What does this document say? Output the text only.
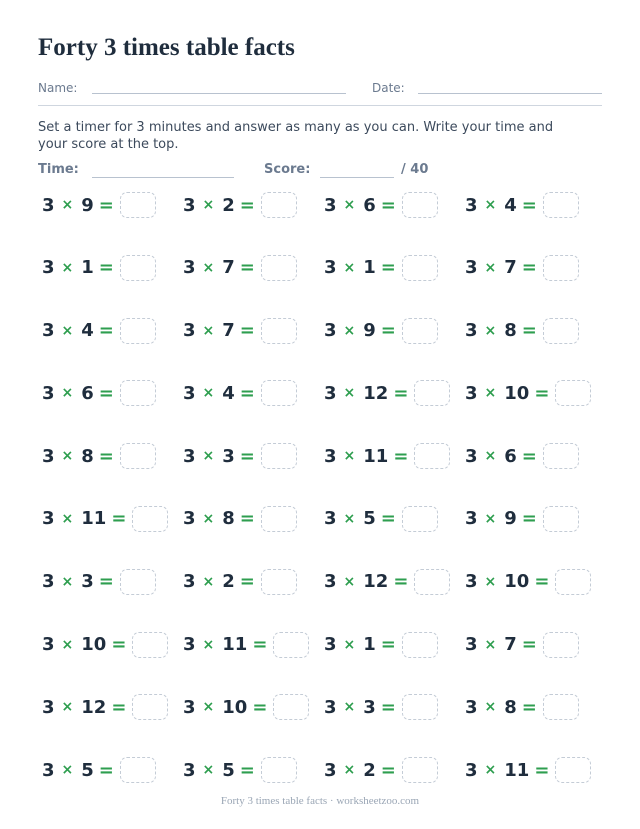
Forty 3 times table facts
Name:	Date:
Set a timer for 3 minutes and answer as many as you can. Write your time and your score at the top.
Time:	Score:	/ 40
3 × 9 =	3 × 2 =	3 × 6 =	3 × 4 =
3 × 1 =	3 × 7 =	3 × 1 =	3 × 7 =
3 × 4 =	3 × 7 =	3 × 9 =	3 × 8 =
3 × 6 =	3 × 4 =	3 × 12 =	3 × 10 =
3 × 8 =	3 × 3 =	3 × 11 =	3 × 6 =
3 × 11 =	3 × 8 =	3 × 5 =	3 × 9 =
3 × 3 =	3 × 2 =	3 × 12 =	3 × 10 =
3 × 10 =	3 × 11 =	3 × 1 =	3 × 7 =
3 × 12 =	3 × 10 =	3 × 3 =	3 × 8 =
3 × 5 =	3 × 5 =	3 × 2 =	3 × 11 =
Forty 3 times table facts · worksheetzoo.com
